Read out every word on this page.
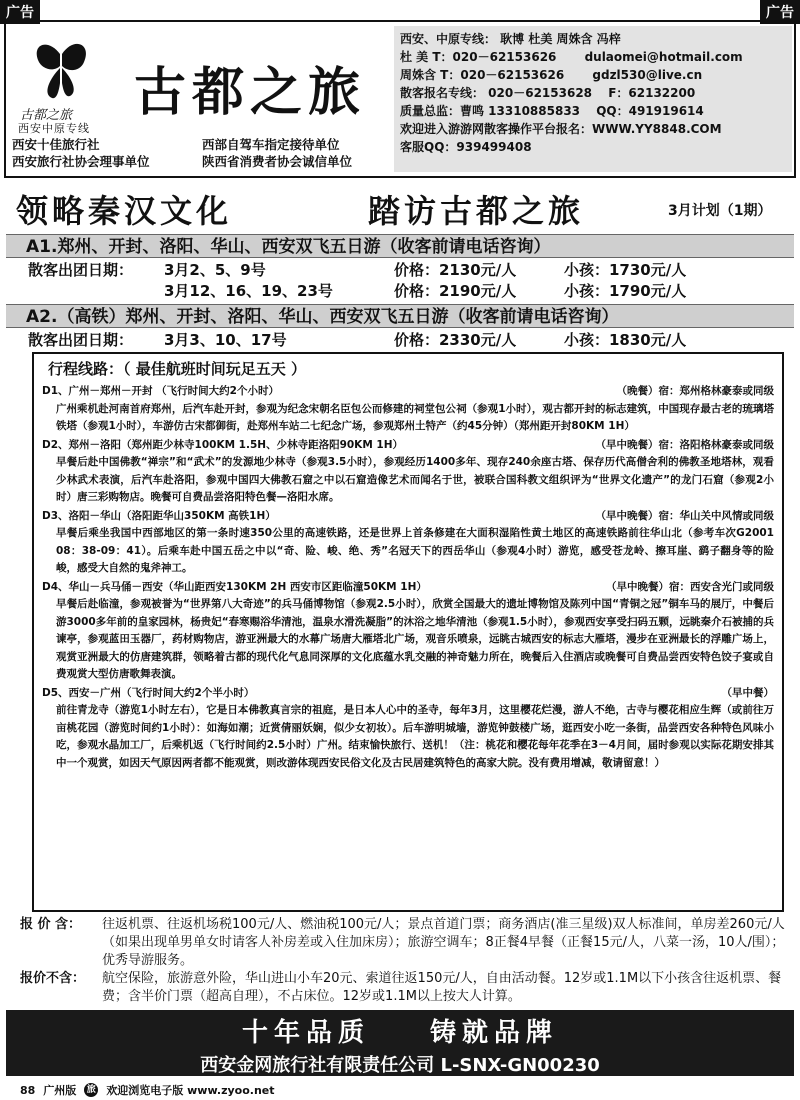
广告	广告
古都之旅 古都之旅
西安中原专线
西安十佳旅行社
西安旅行社协会理事单位
西部自驾车指定接待单位
陕西省消费者协会诚信单位
西安、中原专线： 耿博 杜美 周姝含 冯梓
杜 美 T：020－62153626 　　dulaomei@hotmail.com
周姝含 T：020－62153626 　　gdzl530@live.cn
散客报名专线： 020－62153628 　F：62132200
质量总监：曹鸣 13310885833 　QQ：491919614
欢迎进入游游网散客操作平台报名：WWW.YY8848.COM
客服QQ：939499408
领略秦汉文化	踏访古都之旅	3月计划（1期）
A1.郑州、开封、洛阳、华山、西安双飞五日游（收客前请电话咨询）
散客出团日期： 3月2、5、9号	价格：2130元/人	小孩：1730元/人
3月12、16、19、23号	价格：2190元/人	小孩：1790元/人
A2.（高铁）郑州、开封、洛阳、华山、西安双飞五日游（收客前请电话咨询）
散客出团日期： 3月3、10、17号	价格：2330元/人	小孩：1830元/人
行程线路：（ 最佳航班时间玩足五天 ）
D1、广州－郑州－开封 （飞行时间大约2个小时）	（晚餐）宿：郑州格林豪泰或同级
广州乘机赴河南首府郑州，后汽车赴开封，参观为纪念宋朝名臣包公而修建的祠堂包公祠（参观1小时），观古都开封的标志建筑，中国现存最古老的琉璃塔铁塔（参观1小时），车游仿古宋都御街，赴郑州车站二七纪念广场，参观郑州土特产（约45分钟）（郑州距开封80KM 1H）
D2、郑州－洛阳（郑州距少林寺100KM 1.5H、少林寺距洛阳90KM 1H）	（早中晚餐）宿：洛阳格林豪泰或同级
早餐后赴中国佛教“禅宗”和“武术”的发源地少林寺（参观3.5小时），参观经历1400多年、现存240余座古塔、保存历代高僧舍利的佛教圣地塔林，观看少林武术表演，后汽车赴洛阳，参观中国四大佛教石窟之中以石窟造像艺术而闻名于世，被联合国科教文组织评为“世界文化遗产”的龙门石窟（参观2小时）唐三彩购物店。晚餐可自费品尝洛阳特色餐—洛阳水席。
D3、洛阳－华山（洛阳距华山350KM 高铁1H）	（早中晚餐）宿：华山关中风情或同级
早餐后乘坐我国中西部地区的第一条时速350公里的高速铁路，还是世界上首条修建在大面积湿陷性黄土地区的高速铁路前往华山北（参考车次G2001 08：38-09：41）。后乘车赴中国五岳之中以“奇、险、峻、绝、秀”名冠天下的西岳华山（参观4小时）游览，感受苍龙岭、擦耳崖、鹞子翻身等的险峻，感受大自然的鬼斧神工。
D4、华山－兵马俑－西安（华山距西安130KM 2H 西安市区距临潼50KM 1H）	（早中晚餐）宿：西安含光门或同级
早餐后赴临潼，参观被誉为“世界第八大奇迹”的兵马俑博物馆（参观2.5小时），欣赏全国最大的遗址博物馆及陈列中国“青铜之冠”铜车马的展厅，中餐后游3000多年前的皇家园林，杨贵妃“春寒赐浴华清池，温泉水滑洗凝脂”的沐浴之地华清池（参观1.5小时），参观西安享受扫码五颗，远眺秦介石被捕的兵谏亭，参观蓝田玉器厂，药材购物店，游亚洲最大的水幕广场唐大雁塔北广场，观音乐喷泉，远眺古城西安的标志大雁塔，漫步在亚洲最长的浮雕广场上，观赏亚洲最大的仿唐建筑群，领略着古都的现代化气息同深厚的文化底蕴水乳交融的神奇魅力所在，晚餐后入住酒店或晚餐可自费品尝西安特色饺子宴或自费观赏大型仿唐歌舞表演。
D5、西安－广州（飞行时间大约2个半小时）	（早中餐）
前往青龙寺（游览1小时左右），它是日本佛教真言宗的祖庭，是日本人心中的圣寺，每年3月，这里樱花烂漫，游人不绝，古寺与樱花相应生辉（或前往万亩桃花园（游览时间约1小时）：如海如潮；近赏倩丽妖娴，似少女初妆）。后车游明城墙，游览钟鼓楼广场，逛西安小吃一条街，品尝西安各种特色风味小吃，参观水晶加工厂，后乘机返（飞行时间约2.5小时）广州。结束愉快旅行、送机！（注：桃花和樱花每年花季在3－4月间，届时参观以实际花期安排其中一个观赏，如因天气原因两者都不能观赏，则改游体现西安民俗文化及古民居建筑特色的高家大院。没有费用增减，敬请留意！）
报 价 含：	往返机票、往返机场税100元/人、燃油税100元/人；景点首道门票；商务酒店(准三星级)双人标准间，单房差260元/人（如果出现单男单女时请客人补房差或入住加床房）；旅游空调车；8正餐4早餐（正餐15元/人，八菜一汤，10人/围）；优秀导游服务。
报价不含：	航空保险，旅游意外险，华山进山小车20元、索道往返150元/人，自由活动餐。12岁或1.1M以下小孩含往返机票、餐费；含半价门票（超高自理），不占床位。12岁或1.1M以上按大人计算。
十年品质 铸就品牌
西安金网旅行社有限责任公司 L-SNX-GN00230
88 广州版 旅 欢迎浏览电子版 www.zyoo.net
